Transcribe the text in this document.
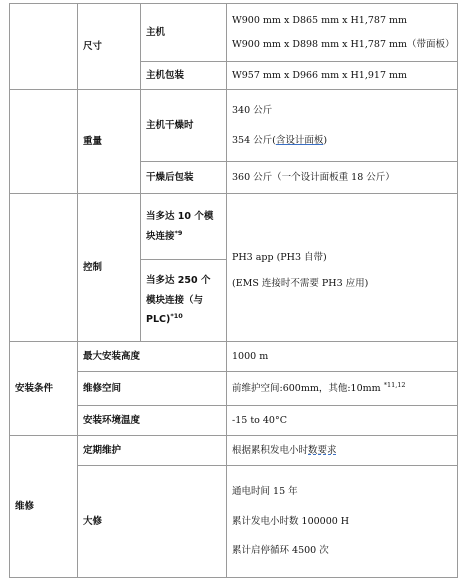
	尺寸	主机	W900 mm x D865 mm x H1,787 mm
W900 mm x D898 mm x H1,787 mm（带面板）

		主机包装	W957 mm x D966 mm x H1,917 mm
	重量	主机干燥时	340 公斤
354 公斤(含设计面板)

		干燥后包装	360 公斤（一个设计面板重 18 公斤）
	控制	当多达 10 个模
块连接$^{*9}$	PH3 app (PH3 自带)
(EMS 连接时不需要 PH3 应用)

		当多达 250 个
模块连接（与
PLC)$^{*10}$
安装条件	最大安装高度		1000 m
	维修空间		前维护空间:600mm，其他:10mm $^{*11,12}$
	安装环境温度		-15 to 40°C
维修	定期维护		根据累积发电小时数要求
	大修		通电时间 15 年
累计发电小时数 100000 H
累计启停循环 4500 次
